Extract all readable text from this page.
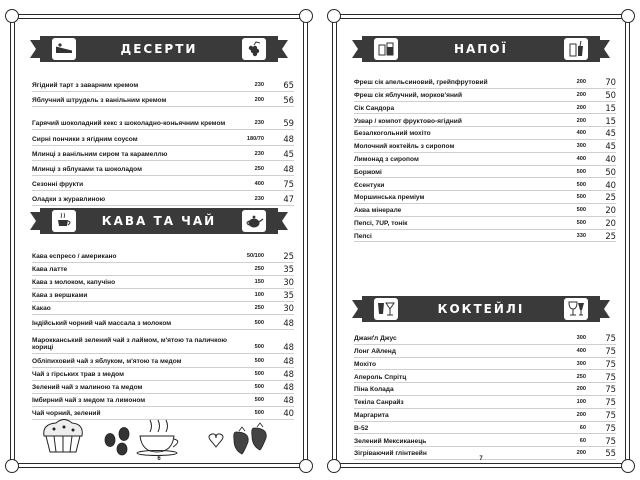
ДЕСЕРТИ
Ягідний тарт з заварним кремом	230	65
Яблучний штрудель з ванільним кремом	200	56
Гарячий шоколадний кекс з шоколадно-коньячним кремом	230	59
Сирні пончики з ягідним соусом	180/70	48
Млинці з ванільним сиром та карамеллю	230	45
Млинці з яблуками та шоколадом	250	48
Сезонні фрукти	400	75
Оладки з журавлиною	230	47
КАВА ТА ЧАЙ
Кава еспресо / американо	50/100	25
Кава латте	250	35
Кава з молоком, капучіно	150	30
Кава з вершками	100	35
Какао	250	30
Індійський чорний чай массала з молоком	500	48
Марокканський зелений чай з лаймом, м'ятою та паличкою кориці	500	48
Обліпиховий чай з яблуком, м'ятою та медом	500	48
Чай з гірських трав з медом	500	48
Зелений чай з малиною та медом	500	48
Імбирний чай з медом та лимоном	500	48
Чай чорний, зелений	500	40
6
НАПОЇ
Фреш сік апельсиновий, грейпфрутовий	200	70
Фреш сік яблучний, морков'яний	200	50
Сік Сандора	200	15
Узвар / компот фруктово-ягідний	200	15
Безалкогольний мохіто	400	45
Молочний коктейль з сиропом	300	45
Лимонад з сиропом	400	40
Боржомі	500	50
Єсентуки	500	40
Моршинська преміум	500	25
Аква мінерале	500	20
Пепсі, 7UP, тонік	500	20
Пепсі	330	25
КОКТЕЙЛІ
Джанґл Джус	300	75
Лонг Айленд	400	75
Мохіто	300	75
Апероль Спрітц	250	75
Піна Колада	200	75
Текіла Санрайз	100	75
Маргарита	200	75
B-52	60	75
Зелений Мексиканець	60	75
Зігріваючий глінтвейн	200	55
7
